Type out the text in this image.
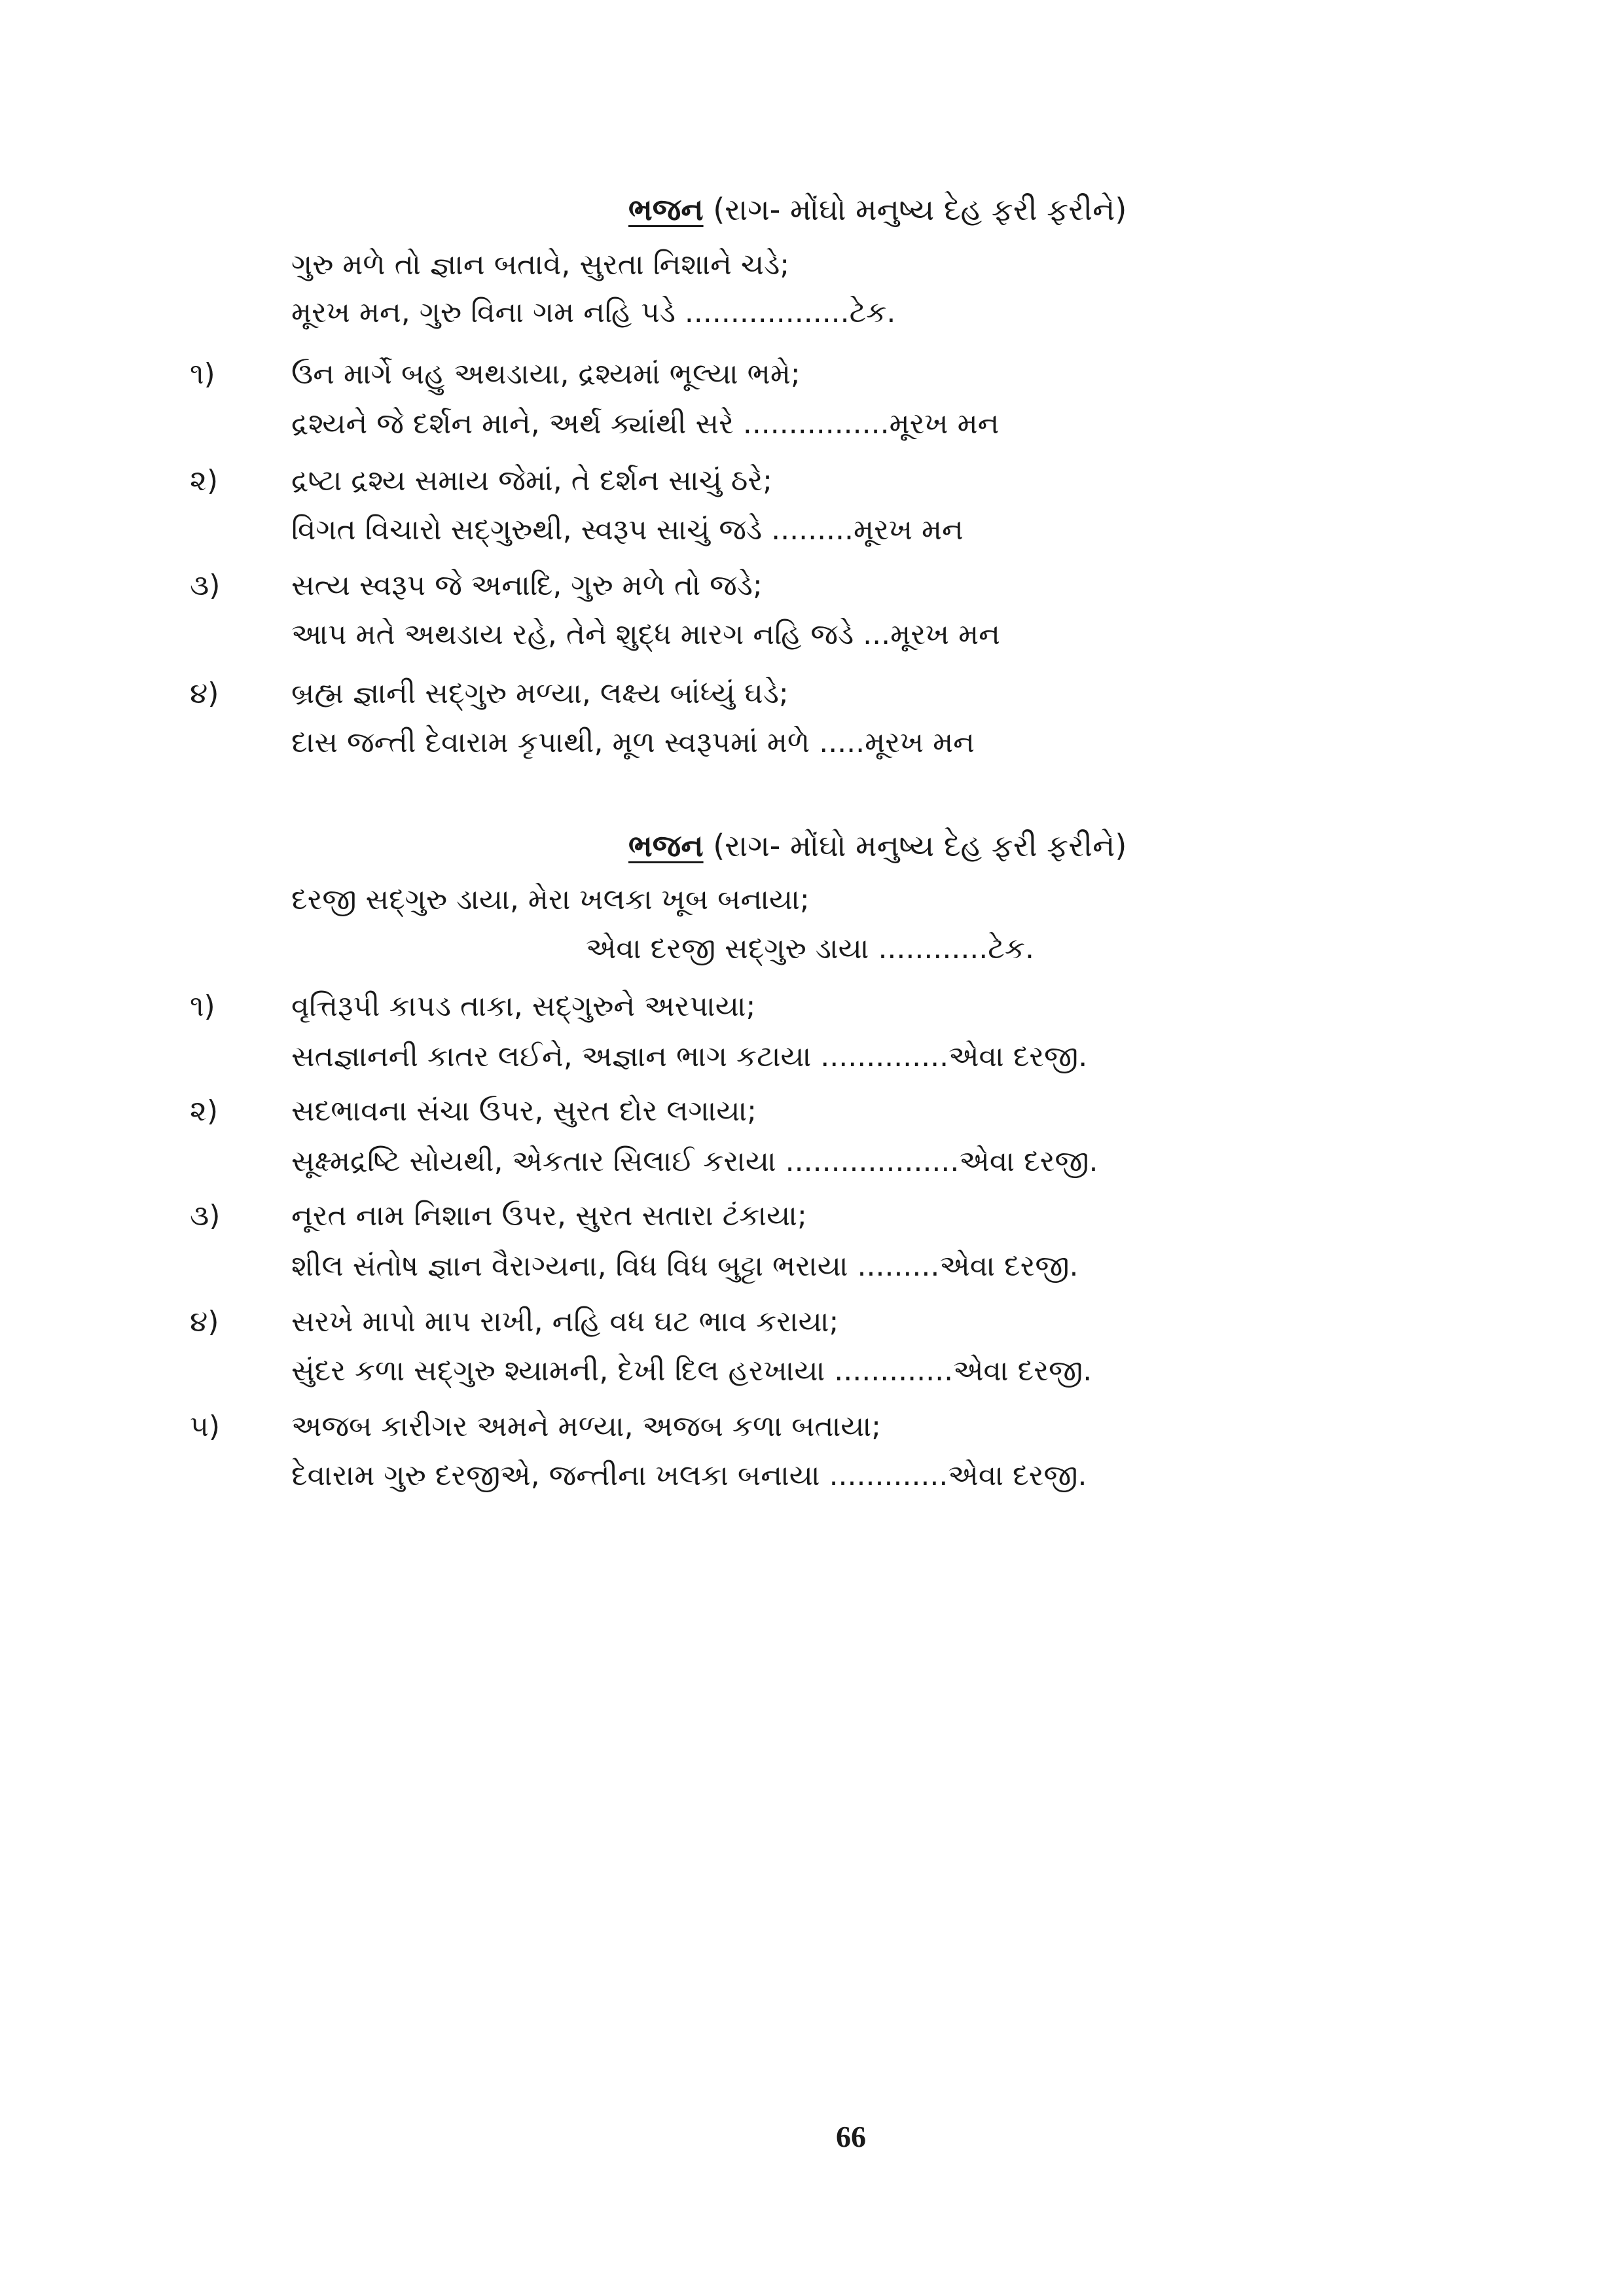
ભજન (રાગ- મોંઘો મનુષ્ય દેહ ફરી ફરીને)
ગુરુ મળે તો જ્ઞાન બતાવે, સુરતા નિશાને ચડે;
મૂરખ મન, ગુરુ વિના ગમ નહિ પડે ..................ટેક.
૧)	ઉન માર્ગે બહુ અથડાયા, દ્રશ્યમાં ભૂલ્યા ભમે;
દ્રશ્યને જે દર્શન માને, અર્થ ક્યાંથી સરે ................મૂરખ મન
૨)	દ્રષ્ટા દ્રશ્ય સમાય જેમાં, તે દર્શન સાચું ઠરે;
વિગત વિચારો સદ્‌ગુરુથી, સ્વરૂપ સાચું જડે .........મૂરખ મન
૩) સત્ય સ્વરૂપ જે અનાદિ, ગુરુ મળે તો જડે;
આપ મતે અથડાય રહે, તેને શુદ્ધ મારગ નહિ જડે ...મૂરખ મન
૪)	બ્રહ્મ જ્ઞાની સદ્‌ગુરુ મળ્યા, લક્ષ્ય બાંધ્યું ઘડે;
દાસ જન્તી દેવારામ કૃપાથી, મૂળ સ્વરૂપમાં મળે .....મૂરખ મન
ભજન (રાગ- મોંઘો મનુષ્ય દેહ ફરી ફરીને)
દરજી સદ્‌ગુરુ ડાયા, મેરા ખલકા ખૂબ બનાયા;
એવા દરજી સદ્‌ગુરુ ડાયા ............ટેક.
૧)	વૃત્તિરૂપી કાપડ તાકા, સદ્‌ગુરુને અરપાયા;
સતજ્ઞાનની કાતર લઈને, અજ્ઞાન ભાગ કટાયા ..............એવા દરજી.
૨)	સદભાવના સંચા ઉપર, સુરત દોર લગાયા;
સૂક્ષ્મદ્રષ્ટિ સોયથી, એકતાર સિલાઈ કરાયા ...................એવા દરજી.
૩) નૂરત નામ નિશાન ઉપર, સુરત સતારા ટંકાયા;
શીલ સંતોષ જ્ઞાન વૈરાગ્યના, વિધ વિધ બુટ્ટા ભરાયા .........એવા દરજી.
૪)	સરખે માપો માપ રાખી, નહિ વધ ઘટ ભાવ કરાયા;
સુંદર કળા સદ્‌ગુરુ શ્યામની, દેખી દિલ હરખાયા .............એવા દરજી.
૫) અજબ કારીગર અમને મળ્યા, અજબ કળા બતાયા;
દેવારામ ગુરુ દરજીએ, જન્તીના ખલકા બનાયા .............એવા દરજી.
66
